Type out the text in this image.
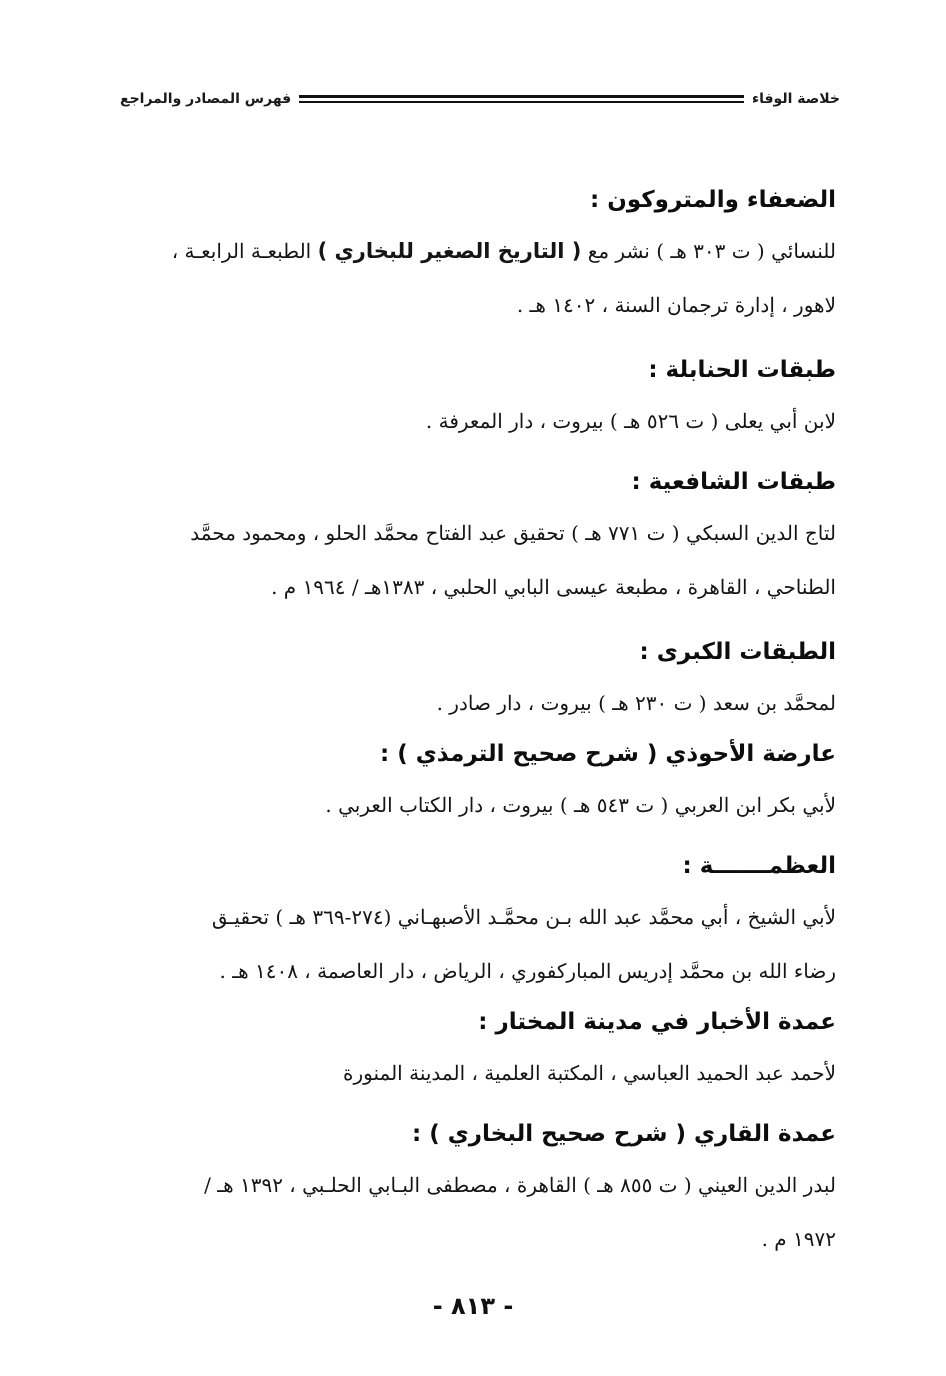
خلاصة الوفاء
فهرس المصادر والمراجع
الضعفاء والمتروكون :
للنسائي ( ت ٣٠٣ هـ ) نشر مع ( التاريخ الصغير للبخاري ) الطبعـة الرابعـة ،
لاهور ، إدارة ترجمان السنة ، ١٤٠٢ هـ .
طبقات الحنابلة :
لابن أبي يعلى ( ت ٥٢٦ هـ ) بيروت ، دار المعرفة .
طبقات الشافعية :
لتاج الدين السبكي ( ت ٧٧١ هـ ) تحقيق عبد الفتاح محمَّد الحلو ، ومحمود محمَّد
الطناحي ، القاهرة ، مطبعة عيسى البابي الحلبي ، ١٣٨٣هـ / ١٩٦٤ م .
الطبقات الكبرى :
لمحمَّد بن سعد ( ت ٢٣٠ هـ ) بيروت ، دار صادر .
عارضة الأحوذي ( شرح صحيح الترمذي ) :
لأبي بكر ابن العربي ( ت ٥٤٣ هـ ) بيروت ، دار الكتاب العربي .
العظمـــــــة :
لأبي الشيخ ، أبي محمَّد عبد الله بـن محمَّـد الأصبهـاني (٢٧٤-٣٦٩ هـ ) تحقيـق
رضاء الله بن محمَّد إدريس المباركفوري ، الرياض ، دار العاصمة ، ١٤٠٨ هـ .
عمدة الأخبار في مدينة المختار :
لأحمد عبد الحميد العباسي ، المكتبة العلمية ، المدينة المنورة
عمدة القاري ( شرح صحيح البخاري ) :
لبدر الدين العيني ( ت ٨٥٥ هـ ) القاهرة ، مصطفى البـابي الحلـبي ، ١٣٩٢ هـ /
١٩٧٢ م .
- ٨١٣ -
